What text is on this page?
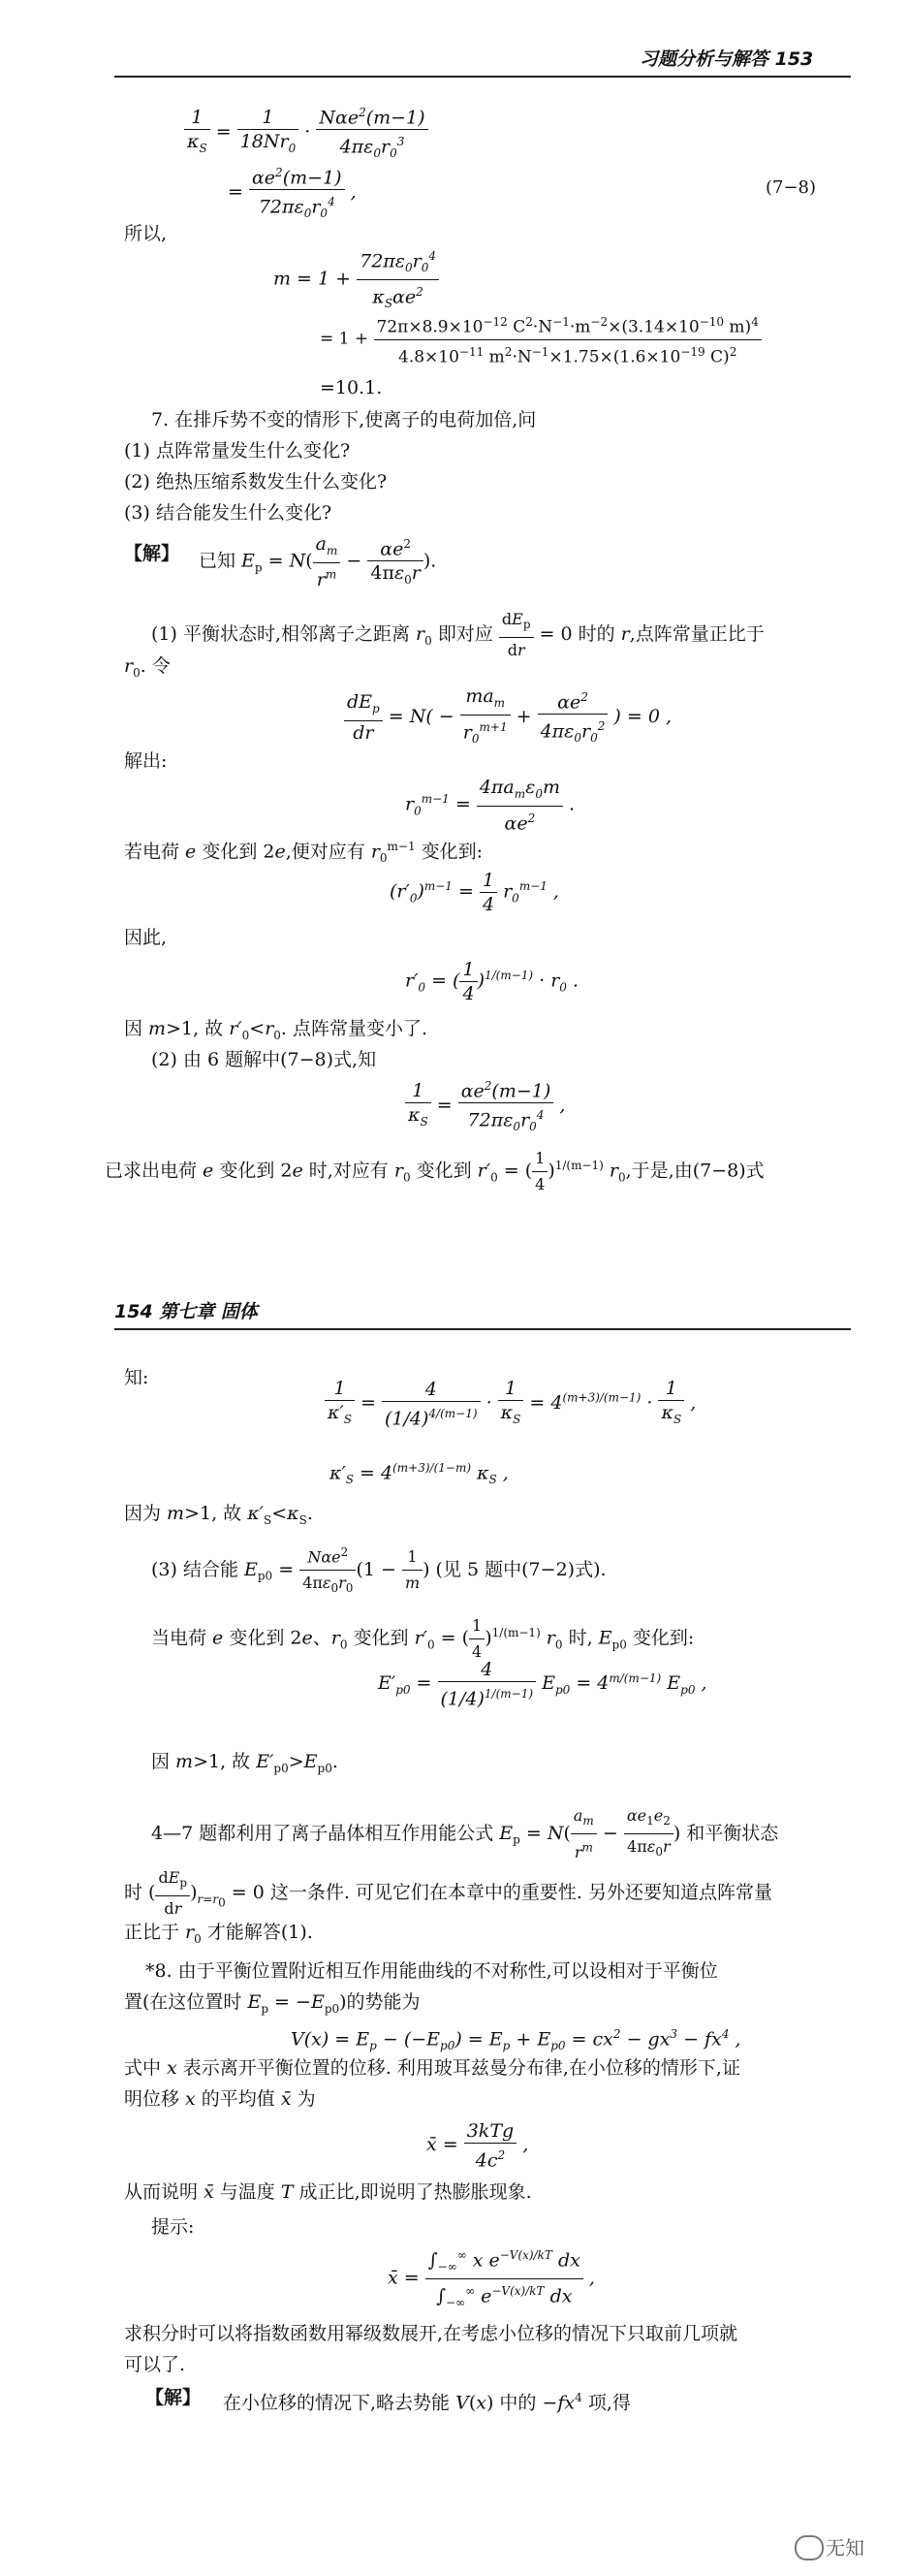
习题分析与解答 153
$\frac{1}{\kappa_S} = \frac{1}{18Nr_0} \cdot \frac{N\alpha e^2(m-1)}{4\pi\varepsilon_0r_0^3}$
= $\frac{\alpha e^2(m-1)}{72\pi\varepsilon_0r_0^4}$ ,	(7−8)
所以,
$m = 1 + \frac{72\pi\varepsilon_0r_0^4}{\kappa_S\alpha e^2}$
= $1 + \frac{72\pi\times 8.9\times 10^{-12} C^2\cdot N^{-1}\cdot m^{-2}\times(3.14\times 10^{-10} m)^4}{4.8\times 10^{-11} m^2\cdot N^{-1}\times 1.75\times(1.6\times 10^{-19} C)^2}$
=10.1.
7. 在排斥势不变的情形下,使离子的电荷加倍,问
(1) 点阵常量发生什么变化?
(2) 绝热压缩系数发生什么变化?
(3) 结合能发生什么变化?
【解】 已知 $E_p = N( \frac{a_m}{r^m} - \frac{\alpha e^2}{4\pi\varepsilon_0r}$ ).
(1) 平衡状态时,相邻离子之距离 $r_0$ 即对应 $\frac{dE_p}{dr} = 0$ 时的 r,点阵常量正比于
$r_0$. 令
$\frac{dE_p}{dr} = N( - \frac{ma_m}{r_0^{m+1}} + \frac{\alpha e^2}{4\pi\varepsilon_0r_0^2}$ ) = 0 ,
解出:
$r_0^{m-1} = \frac{4\pi a_m\varepsilon_0m}{\alpha e^2}$ .
若电荷 e 变化到 2e,便对应有 $r_0^{m-1}$ 变化到:
$(r'_0)^{m-1} = \frac{1}{4} r_0^{m-1}$ ,
因此,
$r'_0$ = ( $\frac{1}{4} )^{1/(m-1)} \cdot r_0$ .
因 m>1, 故 $r'_0<r_0$. 点阵常量变小了.
(2) 由 6 题解中(7−8)式,知
$\frac{1}{\kappa_S} = \frac{\alpha e^2(m-1)}{72\pi\varepsilon_0r_0^4}$ ,
已求出电荷 e 变化到 2e 时,对应有 $r_0$ 变化到 $r'_0$ = ( $\frac{1}{4} )^{1/(m-1)}$ $r_0$,于是,由(7−8)式
154 第七章 固体
知:	$\frac{1}{\kappa'_S} = \frac{4}{(1/4)^{4/(m-1)}} \cdot \frac{1}{\kappa_S} = 4^{(m+3)/(m-1)} \cdot \frac{1}{\kappa_S}$ ,
$\kappa'_S = 4^{(m+3)/(1-m)}$ $\kappa_S$ ,
因为 m>1, 故 $\kappa'_S<\kappa_S$.
(3) 结合能 $E_{p0} = \frac{N\alpha e^2}{4\pi\varepsilon_0r_0} (1 - \frac{1}{m}$ ) (见 5 题中(7−2)式).
当电荷 e 变化到 2e、$r_0$ 变化到 $r'_0$ = ( $\frac{1}{4} )^{1/(m-1)}$ $r_0$ 时, $E_{p0}$ 变化到:
$E'_{p0} = \frac{4}{(1/4)^{1/(m-1)}} E_{p0} = 4^{m/(m-1)}$ $E_{p0}$ ,
因 m>1, 故 $E'_{p0}>E_{p0}$.
4—7 题都利用了离子晶体相互作用能公式 $E_p = N( \frac{a_m}{r^m} - \frac{\alpha e_1e_2}{4\pi\varepsilon_0r}$ ) 和平衡状态
时 ( $\frac{dE_p}{dr} )_{r=r_0} = 0$ 这一条件. 可见它们在本章中的重要性. 另外还要知道点阵常量
正比于 $r_0$ 才能解答(1).
*8. 由于平衡位置附近相互作用能曲线的不对称性,可以设相对于平衡位
置(在这位置时 $E_p = -E_{p0}$)的势能为
$V(x) = E_p - (-E_{p0}) = E_p + E_{p0} = cx^2 - gx^3 - fx^4$ ,
式中 x 表示离开平衡位置的位移. 利用玻耳兹曼分布律,在小位移的情形下,证
明位移 x 的平均值 x̄ 为
x̄ = $\frac{\text{3kTg}}{4c^2}$ ,
从而说明 x̄ 与温度 T 成正比,即说明了热膨胀现象.
提示:
x̄ = $\frac{\int_{-\infty}^\infty x e^{-V(x)/kT} dx}{\int_{-\infty}^\infty e^{-V(x)/kT} dx}$ ,
求积分时可以将指数函数用幂级数展开,在考虑小位移的情况下只取前几项就
可以了.
【解】 在小位移的情况下,略去势能 V(x) 中的 $-fx^4$ 项,得
无知
